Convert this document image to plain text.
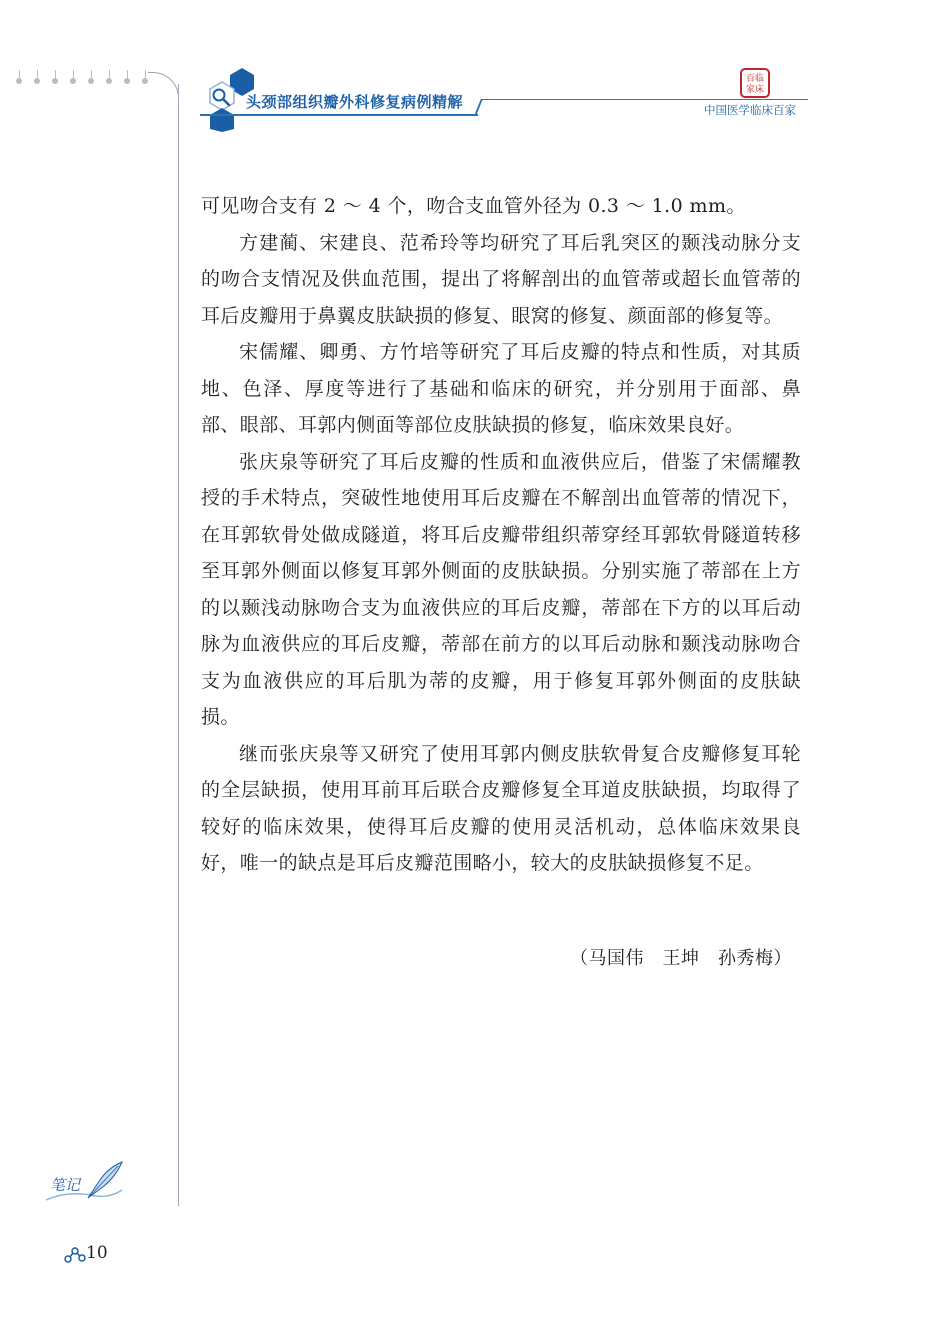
头颈部组织瓣外科修复病例精解
百临
家床
中国医学临床百家

可见吻合支有 2 ～ 4 个，吻合支血管外径为 0.3 ～ 1.0 mm。

方建蔺、宋建良、范希玲等均研究了耳后乳突区的颞浅动脉分支的吻合支情况及供血范围，提出了将解剖出的血管蒂或超长血管蒂的耳后皮瓣用于鼻翼皮肤缺损的修复、眼窝的修复、颜面部的修复等。

宋儒耀、卿勇、方竹培等研究了耳后皮瓣的特点和性质，对其质地、色泽、厚度等进行了基础和临床的研究，并分别用于面部、鼻部、眼部、耳郭内侧面等部位皮肤缺损的修复，临床效果良好。

张庆泉等研究了耳后皮瓣的性质和血液供应后，借鉴了宋儒耀教授的手术特点，突破性地使用耳后皮瓣在不解剖出血管蒂的情况下，在耳郭软骨处做成隧道，将耳后皮瓣带组织蒂穿经耳郭软骨隧道转移至耳郭外侧面以修复耳郭外侧面的皮肤缺损。分别实施了蒂部在上方的以颞浅动脉吻合支为血液供应的耳后皮瓣，蒂部在下方的以耳后动脉为血液供应的耳后皮瓣，蒂部在前方的以耳后动脉和颞浅动脉吻合支为血液供应的耳后肌为蒂的皮瓣，用于修复耳郭外侧面的皮肤缺损。

继而张庆泉等又研究了使用耳郭内侧皮肤软骨复合皮瓣修复耳轮的全层缺损，使用耳前耳后联合皮瓣修复全耳道皮肤缺损，均取得了较好的临床效果，使得耳后皮瓣的使用灵活机动，总体临床效果良好，唯一的缺点是耳后皮瓣范围略小，较大的皮肤缺损修复不足。

（马国伟　王坤　孙秀梅）
笔记
10
